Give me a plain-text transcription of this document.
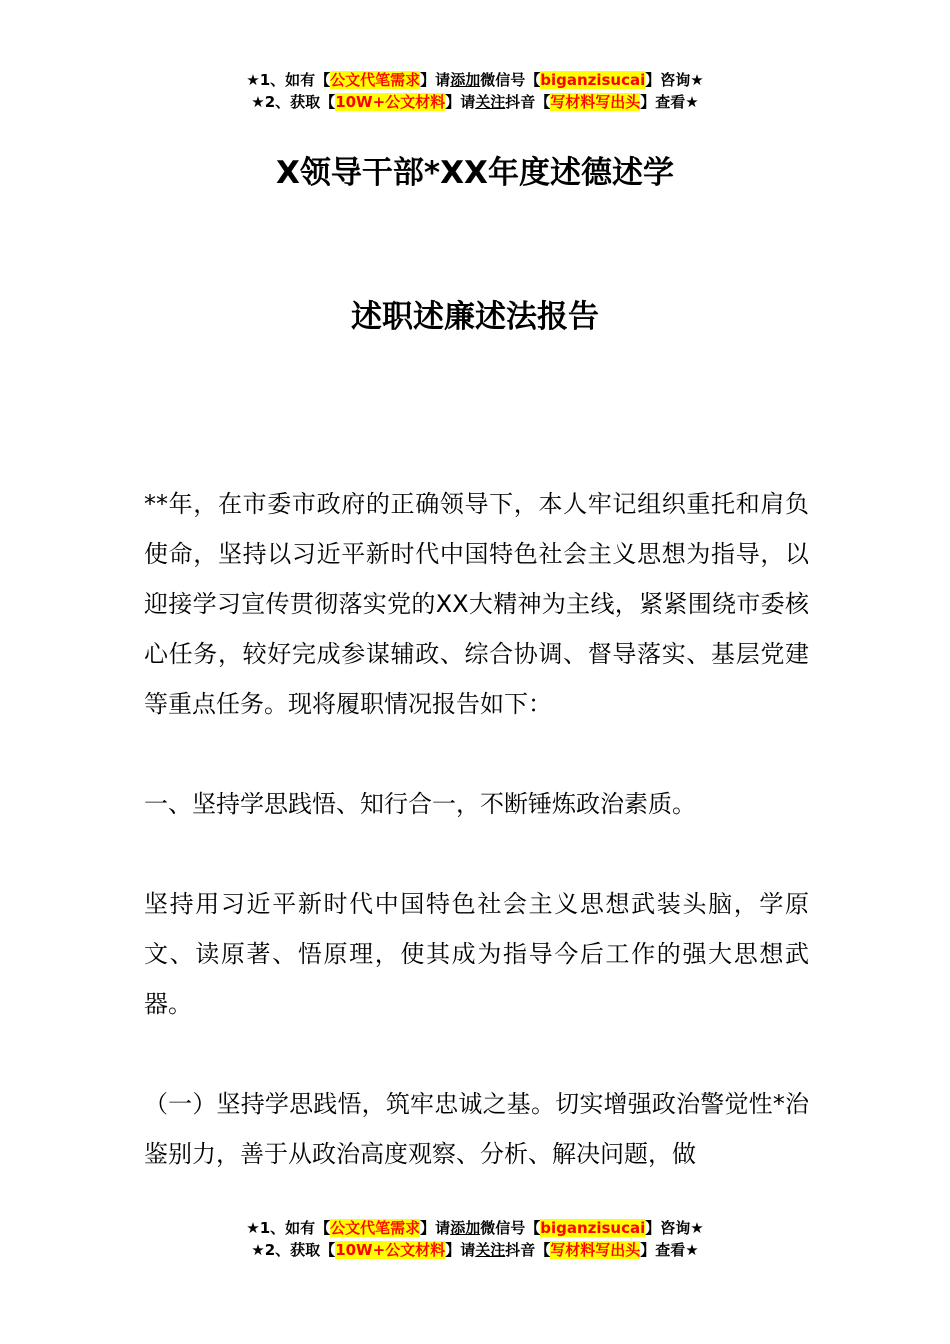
★1、如有【公文代笔需求】请添加微信号【biganzisucai】咨询★
★2、获取【10W+公文材料】请关注抖音【写材料写出头】查看★
X领导干部*XX年度述德述学
述职述廉述法报告

**年，在市委市政府的正确领导下，本人牢记组织重托和肩负使命，坚持以习近平新时代中国特色社会主义思想为指导，以迎接学习宣传贯彻落实党的XX大精神为主线，紧紧围绕市委核心任务，较好完成参谋辅政、综合协调、督导落实、基层党建等重点任务。现将履职情况报告如下：

一、坚持学思践悟、知行合一，不断锤炼政治素质。

坚持用习近平新时代中国特色社会主义思想武装头脑，学原文、读原著、悟原理，使其成为指导今后工作的强大思想武器。

（一）坚持学思践悟，筑牢忠诚之基。切实增强政治警觉性*治鉴别力，善于从政治高度观察、分析、解决问题，做

★1、如有【公文代笔需求】请添加微信号【biganzisucai】咨询★
★2、获取【10W+公文材料】请关注抖音【写材料写出头】查看★
